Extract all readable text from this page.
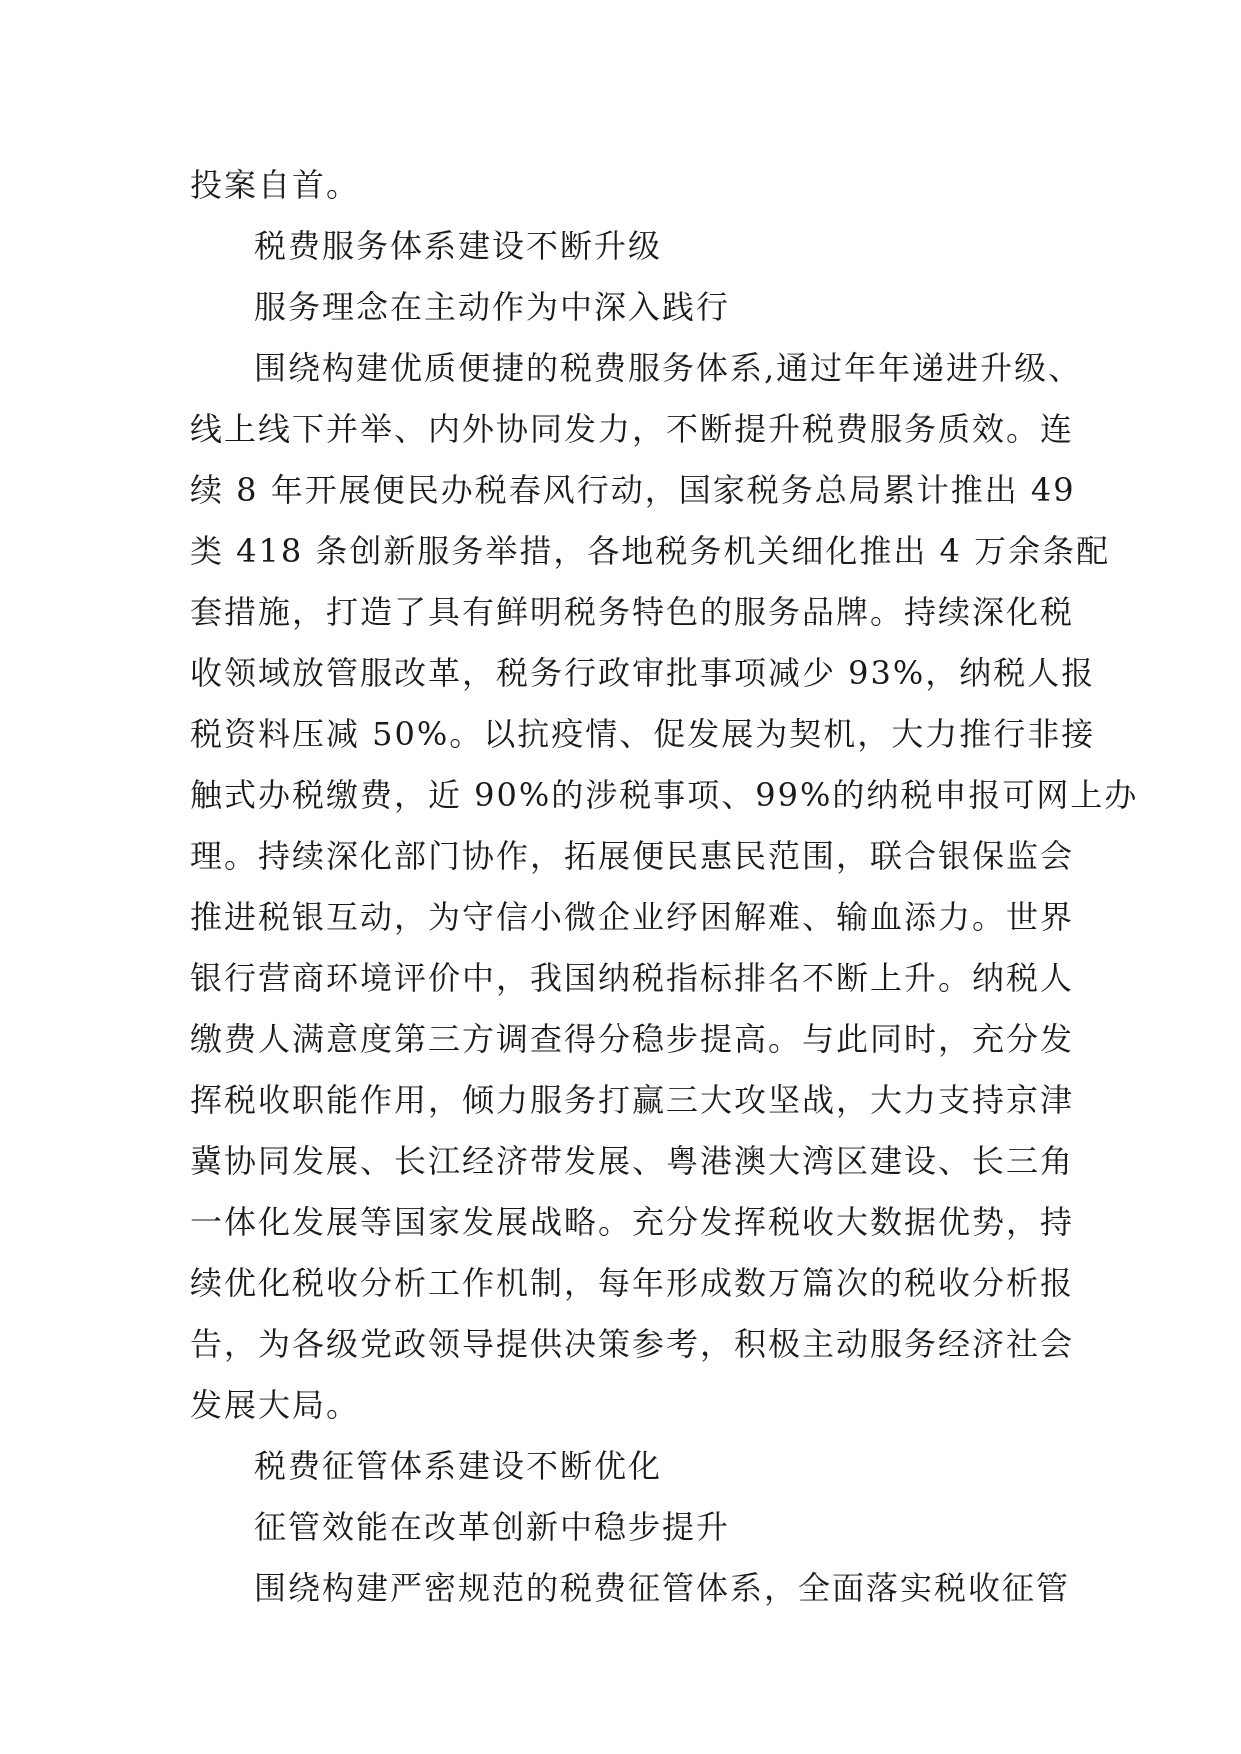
投案自首。
税费服务体系建设不断升级
服务理念在主动作为中深入践行
围绕构建优质便捷的税费服务体系,通过年年递进升级、
线上线下并举、内外协同发力，不断提升税费服务质效。连
续 8 年开展便民办税春风行动，国家税务总局累计推出 49
类 418 条创新服务举措，各地税务机关细化推出 4 万余条配
套措施，打造了具有鲜明税务特色的服务品牌。持续深化税
收领域放管服改革，税务行政审批事项减少 93%，纳税人报
税资料压减 50%。以抗疫情、促发展为契机，大力推行非接
触式办税缴费，近 90%的涉税事项、99%的纳税申报可网上办
理。持续深化部门协作，拓展便民惠民范围，联合银保监会
推进税银互动，为守信小微企业纾困解难、输血添力。世界
银行营商环境评价中，我国纳税指标排名不断上升。纳税人
缴费人满意度第三方调查得分稳步提高。与此同时，充分发
挥税收职能作用，倾力服务打赢三大攻坚战，大力支持京津
冀协同发展、长江经济带发展、粤港澳大湾区建设、长三角
一体化发展等国家发展战略。充分发挥税收大数据优势，持
续优化税收分析工作机制，每年形成数万篇次的税收分析报
告，为各级党政领导提供决策参考，积极主动服务经济社会
发展大局。
税费征管体系建设不断优化
征管效能在改革创新中稳步提升
围绕构建严密规范的税费征管体系，全面落实税收征管
